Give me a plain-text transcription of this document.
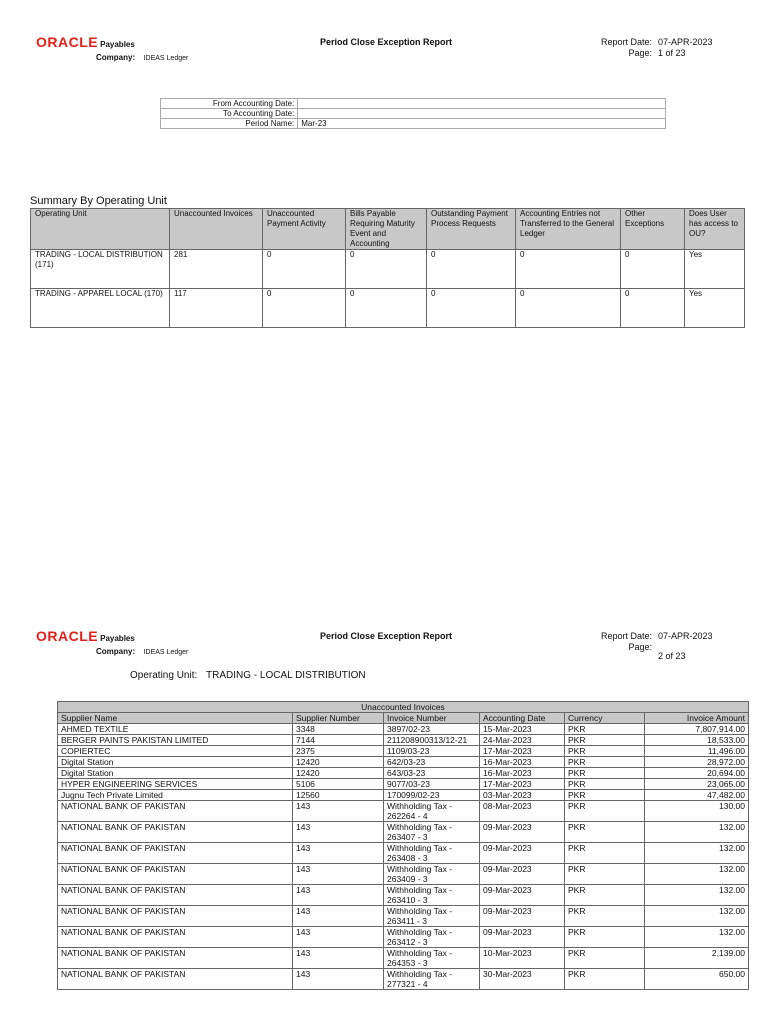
ORACLE Payables
Company: IDEAS Ledger
Period Close Exception Report	Report Date: 07-APR-2023
Page: 1 of 23
From Accounting Date:	
To Accounting Date:	
Period Name:	Mar-23
Summary By Operating Unit
Operating Unit	Unaccounted Invoices	Unaccounted Payment Activity	Bills Payable Requiring Maturity Event and Accounting	Outstanding Payment Process Requests	Accounting Entries not Transferred to the General Ledger	Other Exceptions	Does User has access to OU?
TRADING - LOCAL DISTRIBUTION (171)	281	0	0	0	0	0	Yes
TRADING - APPAREL LOCAL (170)	117	0	0	0	0	0	Yes
ORACLE Payables
Company: IDEAS Ledger
Period Close Exception Report	Report Date: 07-APR-2023
Page:
2 of 23
Operating Unit: TRADING - LOCAL DISTRIBUTION
Unaccounted Invoices					
Supplier Name	Supplier Number	Invoice Number	Accounting Date	Currency	Invoice Amount
AHMED TEXTILE	3348	3897/02-23	15-Mar-2023	PKR	7,807,914.00
BERGER PAINTS PAKISTAN LIMITED	7144	211208900313/12-21	24-Mar-2023	PKR	18,533.00
COPIERTEC	2375	1109/03-23	17-Mar-2023	PKR	11,496.00
Digital Station	12420	642/03-23	16-Mar-2023	PKR	28,972.00
Digital Station	12420	643/03-23	16-Mar-2023	PKR	20,694.00
HYPER ENGINEERING SERVICES	5106	9077/03-23	17-Mar-2023	PKR	23,065.00
Jugnu Tech Private Limited	12560	170099/02-23	03-Mar-2023	PKR	47,482.00
NATIONAL BANK OF PAKISTAN	143	Withholding Tax - 262264 - 4	08-Mar-2023	PKR	130.00
NATIONAL BANK OF PAKISTAN	143	Withholding Tax - 263407 - 3	09-Mar-2023	PKR	132.00
NATIONAL BANK OF PAKISTAN	143	Withholding Tax - 263408 - 3	09-Mar-2023	PKR	132.00
NATIONAL BANK OF PAKISTAN	143	Withholding Tax - 263409 - 3	09-Mar-2023	PKR	132.00
NATIONAL BANK OF PAKISTAN	143	Withholding Tax - 263410 - 3	09-Mar-2023	PKR	132.00
NATIONAL BANK OF PAKISTAN	143	Withholding Tax - 263411 - 3	09-Mar-2023	PKR	132.00
NATIONAL BANK OF PAKISTAN	143	Withholding Tax - 263412 - 3	09-Mar-2023	PKR	132.00
NATIONAL BANK OF PAKISTAN	143	Withholding Tax - 264353 - 3	10-Mar-2023	PKR	2,139.00
NATIONAL BANK OF PAKISTAN	143	Withholding Tax - 277321 - 4	30-Mar-2023	PKR	650.00
